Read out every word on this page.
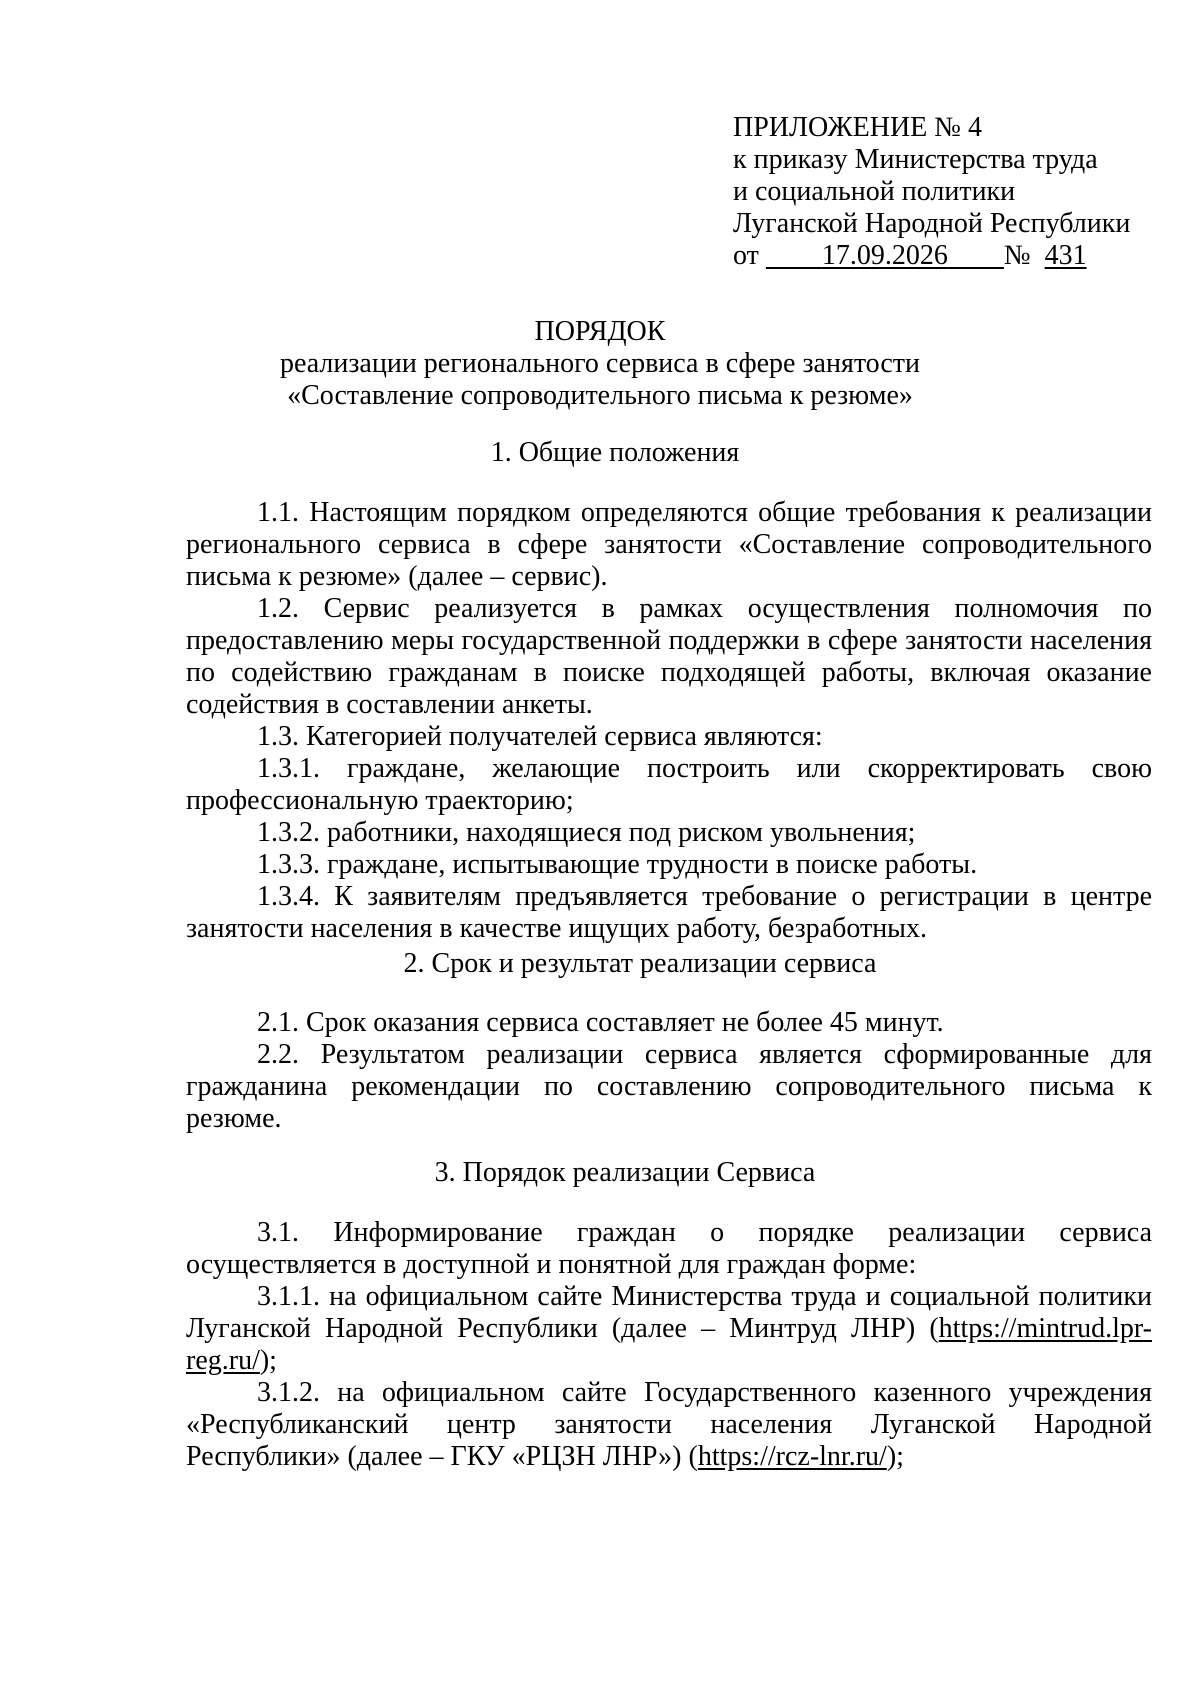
ПРИЛОЖЕНИЕ № 4
к приказу Министерства труда
и социальной политики
Луганской Народной Республики
от 17.09.2026 № 431
ПОРЯДОК
реализации регионального сервиса в сфере занятости
«Составление сопроводительного письма к резюме»
1. Общие положения

1.1. Настоящим порядком определяются общие требования к реализации регионального сервиса в сфере занятости «Составление сопроводительного письма к резюме» (далее – сервис).

1.2. Сервис реализуется в рамках осуществления полномочия по предоставлению меры государственной поддержки в сфере занятости населения по содействию гражданам в поиске подходящей работы, включая оказание содействия в составлении анкеты.

1.3. Категорией получателей сервиса являются:

1.3.1. граждане, желающие построить или скорректировать свою профессиональную траекторию;

1.3.2. работники, находящиеся под риском увольнения;

1.3.3. граждане, испытывающие трудности в поиске работы.

1.3.4. К заявителям предъявляется требование о регистрации в центре занятости населения в качестве ищущих работу, безработных.

2. Срок и результат реализации сервиса

2.1. Срок оказания сервиса составляет не более 45 минут.

2.2. Результатом реализации сервиса является сформированные для гражданина рекомендации по составлению сопроводительного письма к резюме.

3. Порядок реализации Сервиса

3.1. Информирование граждан о порядке реализации сервиса осуществляется в доступной и понятной для граждан форме:

3.1.1. на официальном сайте Министерства труда и социальной политики Луганской Народной Республики (далее – Минтруд ЛНР) (https://mintrud.lpr-reg.ru/);

3.1.2. на официальном сайте Государственного казенного учреждения «Республиканский центр занятости населения Луганской Народной Республики» (далее – ГКУ «РЦЗН ЛНР») (https://rcz-lnr.ru/);
